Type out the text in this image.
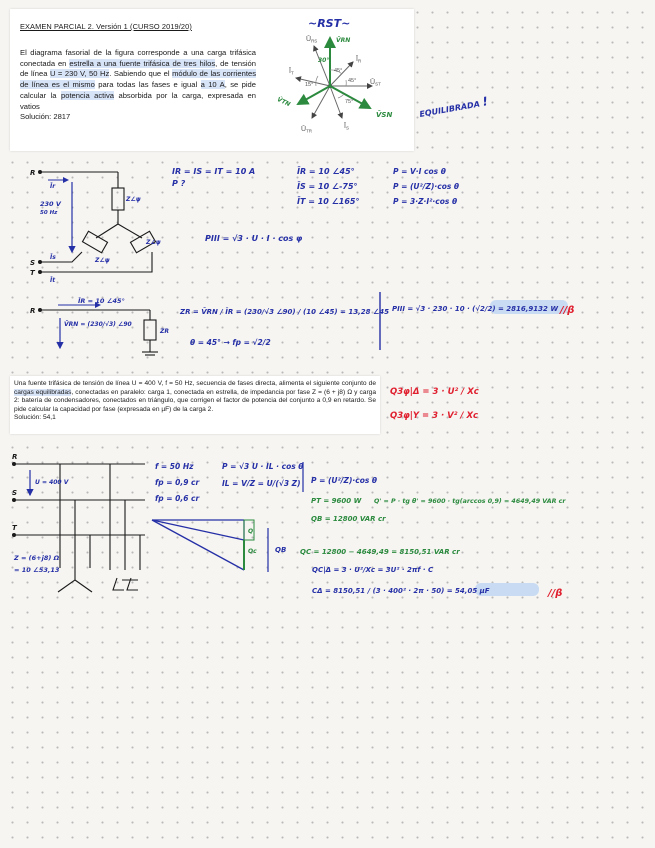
EXAMEN PARCIAL 2. Versión 1 (CURSO 2019/20)
El diagrama fasorial de la figura corresponde a una carga trifásica conectada en estrella a una fuente trifásica de tres hilos, de tensión de línea U = 230 V, 50 Hz. Sabiendo que el módulo de las corrientes de línea es el mismo para todas las fases e igual a 10 A, se pide calcular la potencia activa absorbida por la carga, expresada en vatios
Solución: 2817
Una fuente trifásica de tensión de línea U = 400 V, f = 50 Hz, secuencia de fases directa, alimenta el siguiente conjunto de cargas equilibradas, conectadas en paralelo: carga 1, conectada en estrella, de impedancia por fase Z = (6 + j8) Ω y carga 2: batería de condensadores, conectados en triángulo, que corrigen el factor de potencia del conjunto a 0,9 en retardo. Se pide calcular la capacidad por fase (expresada en µF) de la carga 2.
Solución: 54,1
~RST~
$Ū_{RS}$
$Ū_{ST}$
$Ū_{TR}$
$Ī_R$
$Ī_S$
$Ī_T$
V̄RN
V̄TN
V̄SN
30°
45°
45°
15°
75°	EQUILIBRADA!
R
S
T
Īr
Īs
Īt
230 V
50 Hz
Z∠ψ
Z∠ψ
Z∠ψ
IR = IS = IT = 10 A
P ?
ĪR = 10 ∠45°
ĪS = 10 ∠-75°
ĪT = 10 ∠165°
P = V·I cos θ
P = (U²/Z)·cos θ
P = 3·Z·I²·cos θ
PIII = √3 · U · I · cos φ
R
ĪR = 10 ∠45°
V̄RN = (230/√3) ∠90
ZR
ZR = V̄RN / ĪR = (230/√3 ∠90) / (10 ∠45) = 13,28 ∠45
θ = 45° → fp = √2/2
PIII = √3 · 230 · 10 · (√2/2) = 2816,9132 W //β
Q3φ|Δ = 3 · U² / Xc
Q3φ|Y = 3 · V² / Xc
R
S
T
U = 400 V
Z = (6+j8) Ω
= 10 ∠53,13
f = 50 Hz
fp = 0,9 cr
fp = 0,6 cr
P = √3 U · IL · cos θ
IL = V/Z = U/(√3 Z) P = (U²/Z)·cos θ
PT = 9600 W Q' = P · tg θ' = 9600 · tg(arccos 0,9) = 4649,49 VAR cr
QB = 12800 VAR cr
Q'
Qc	QB QC = 12800 − 4649,49 = 8150,51 VAR cr
QC|Δ = 3 · U²/Xc = 3U² · 2πf · C
CΔ = 8150,51 / (3 · 400² · 2π · 50) = 54,05 µF	//β
